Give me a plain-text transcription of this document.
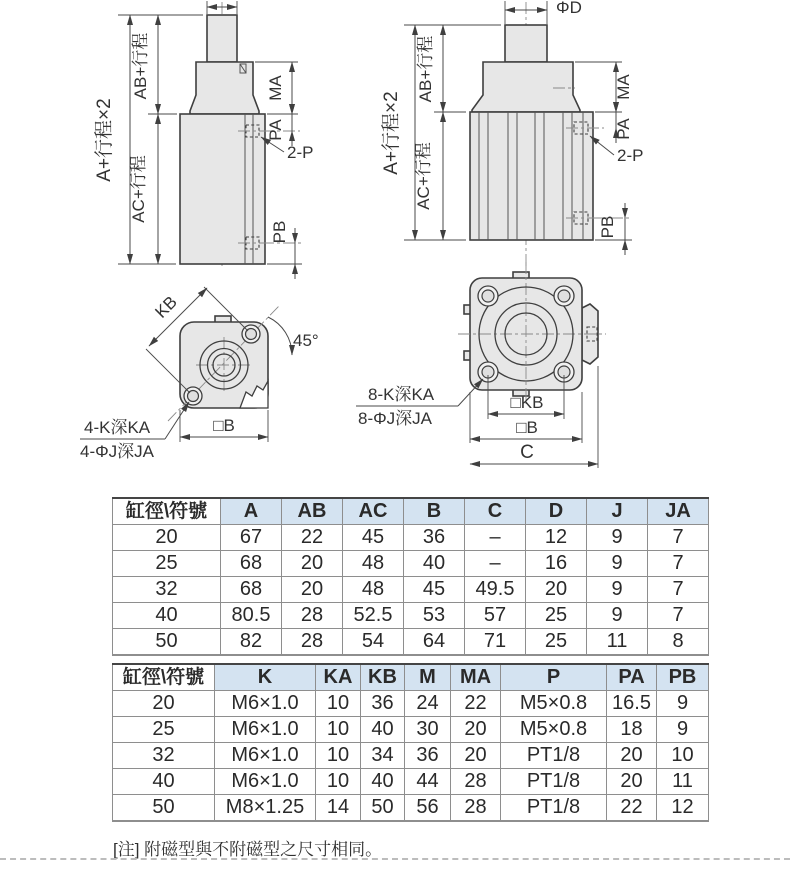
A+行程×2
AB+行程
AC+行程
MA
PA
2-P
PB
ΦD
A+行程×2
AB+行程
AC+行程
MA
PA
2-P
PB
KB
45°
4-K深KA
4-ΦJ深JA
□B
8-K深KA
8-ΦJ深JA
□KB
□B
C
缸徑\符號	A	AB	AC	B	C	D	J	JA
20	67	22	45	36	–	12	9	7
25	68	20	48	40	–	16	9	7
32	68	20	48	45	49.5	20	9	7
40	80.5	28	52.5	53	57	25	9	7
50	82	28	54	64	71	25	11	8
缸徑\符號	K	KA	KB	M	MA	P	PA	PB
20	M6×1.0	10	36	24	22	M5×0.8	16.5	9
25	M6×1.0	10	40	30	20	M5×0.8	18	9
32	M6×1.0	10	34	36	20	PT1/8	20	10
40	M6×1.0	10	40	44	28	PT1/8	20	11
50	M8×1.25	14	50	56	28	PT1/8	22	12
[注] 附磁型與不附磁型之尺寸相同。
